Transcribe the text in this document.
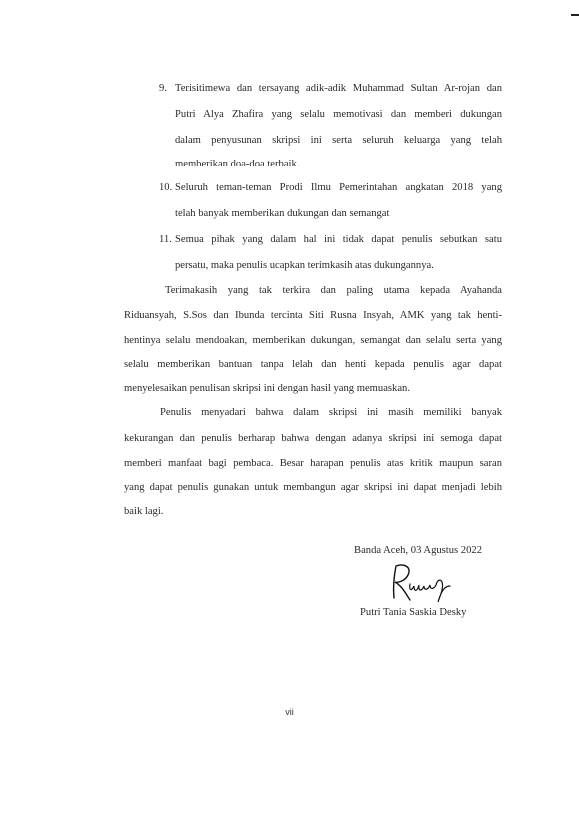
9. Terisitimewa dan tersayang adik-adik Muhammad Sultan Ar-rojan dan
Putri Alya Zhafira yang selalu memotivasi dan memberi dukungan
dalam penyusunan skripsi ini serta seluruh keluarga yang telah
memberikan doa-doa terbaik.
10. Seluruh teman-teman Prodi Ilmu Pemerintahan angkatan 2018 yang
telah banyak memberikan dukungan dan semangat
11. Semua pihak yang dalam hal ini tidak dapat penulis sebutkan satu
persatu, maka penulis ucapkan terimkasih atas dukungannya.
Terimakasih yang tak terkira dan paling utama kepada Ayahanda
Riduansyah, S.Sos dan Ibunda tercinta Siti Rusna Insyah, AMK yang tak henti-
hentinya selalu mendoakan, memberikan dukungan, semangat dan selalu serta yang
selalu memberikan bantuan tanpa lelah dan henti kepada penulis agar dapat
menyelesaikan penulisan skripsi ini dengan hasil yang memuaskan.
Penulis menyadari bahwa dalam skripsi ini masih memiliki banyak
kekurangan dan penulis berharap bahwa dengan adanya skripsi ini semoga dapat
memberi manfaat bagi pembaca. Besar harapan penulis atas kritik maupun saran
yang dapat penulis gunakan untuk membangun agar skripsi ini dapat menjadi lebih
baik lagi.
Banda Aceh, 03 Agustus 2022
Putri Tania Saskia Desky
vii
